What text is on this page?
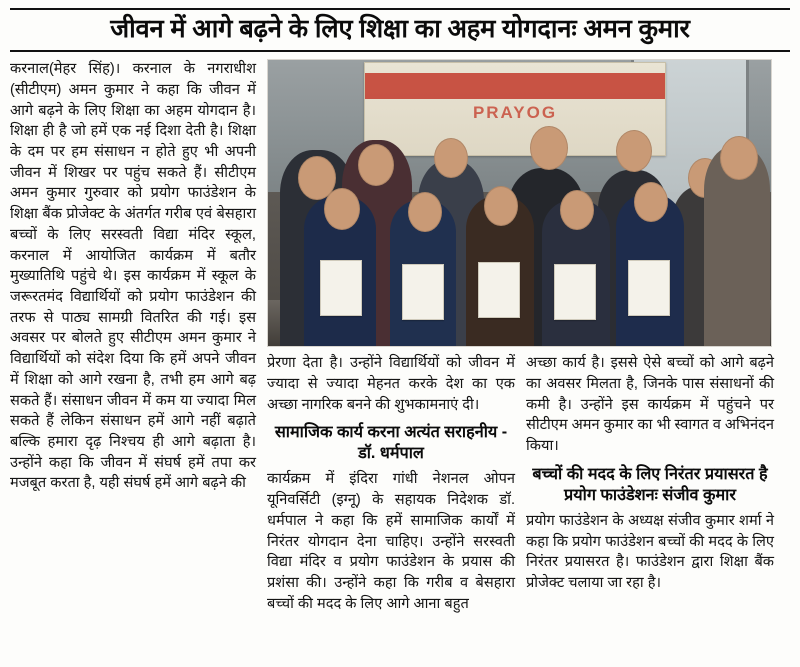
जीवन में आगे बढ़ने के लिए शिक्षा का अहम योगदानः अमन कुमार

करनाल(मेहर सिंह)। करनाल के नगराधीश (सीटीएम) अमन कुमार ने कहा कि जीवन में आगे बढ़ने के लिए शिक्षा का अहम योगदान है। शिक्षा ही है जो हमें एक नई दिशा देती है। शिक्षा के दम पर हम संसाधन न होते हुए भी अपनी जीवन में शिखर पर पहुंच सकते हैं। सीटीएम अमन कुमार गुरुवार को प्रयोग फाउंडेशन के शिक्षा बैंक प्रोजेक्ट के अंतर्गत गरीब एवं बेसहारा बच्चों के लिए सरस्वती विद्या मंदिर स्कूल, करनाल में आयोजित कार्यक्रम में बतौर मुख्यातिथि पहुंचे थे। इस कार्यक्रम में स्कूल के जरूरतमंद विद्यार्थियों को प्रयोग फाउंडेशन की तरफ से पाठ्य सामग्री वितरित की गई। इस अवसर पर बोलते हुए सीटीएम अमन कुमार ने विद्यार्थियों को संदेश दिया कि हमें अपने जीवन में शिक्षा को आगे रखना है, तभी हम आगे बढ़ सकते हैं। संसाधन जीवन में कम या ज्यादा मिल सकते हैं लेकिन संसाधन हमें आगे नहीं बढ़ाते बल्कि हमारा दृढ़ निश्चय ही आगे बढ़ाता है। उन्होंने कहा कि जीवन में संघर्ष हमें तपा कर मजबूत करता है, यही संघर्ष हमें आगे बढ़ने की

PRAYOG

प्रेरणा देता है। उन्होंने विद्यार्थियों को जीवन में ज्यादा से ज्यादा मेहनत करके देश का एक अच्छा नागरिक बनने की शुभकामनाएं दी।

सामाजिक कार्य करना अत्यंत सराहनीय - डॉ. धर्मपाल

कार्यक्रम में इंदिरा गांधी नेशनल ओपन यूनिवर्सिटी (इग्नू) के सहायक निदेशक डॉ. धर्मपाल ने कहा कि हमें सामाजिक कार्यों में निरंतर योगदान देना चाहिए। उन्होंने सरस्वती विद्या मंदिर व प्रयोग फाउंडेशन के प्रयास की प्रशंसा की। उन्होंने कहा कि गरीब व बेसहारा बच्चों की मदद के लिए आगे आना बहुत

अच्छा कार्य है। इससे ऐसे बच्चों को आगे बढ़ने का अवसर मिलता है, जिनके पास संसाधनों की कमी है। उन्होंने इस कार्यक्रम में पहुंचने पर सीटीएम अमन कुमार का भी स्वागत व अभिनंदन किया।

बच्चों की मदद के लिए निरंतर प्रयासरत है प्रयोग फाउंडेशनः संजीव कुमार

प्रयोग फाउंडेशन के अध्यक्ष संजीव कुमार शर्मा ने कहा कि प्रयोग फाउंडेशन बच्चों की मदद के लिए निरंतर प्रयासरत है। फाउंडेशन द्वारा शिक्षा बैंक प्रोजेक्ट चलाया जा रहा है।
